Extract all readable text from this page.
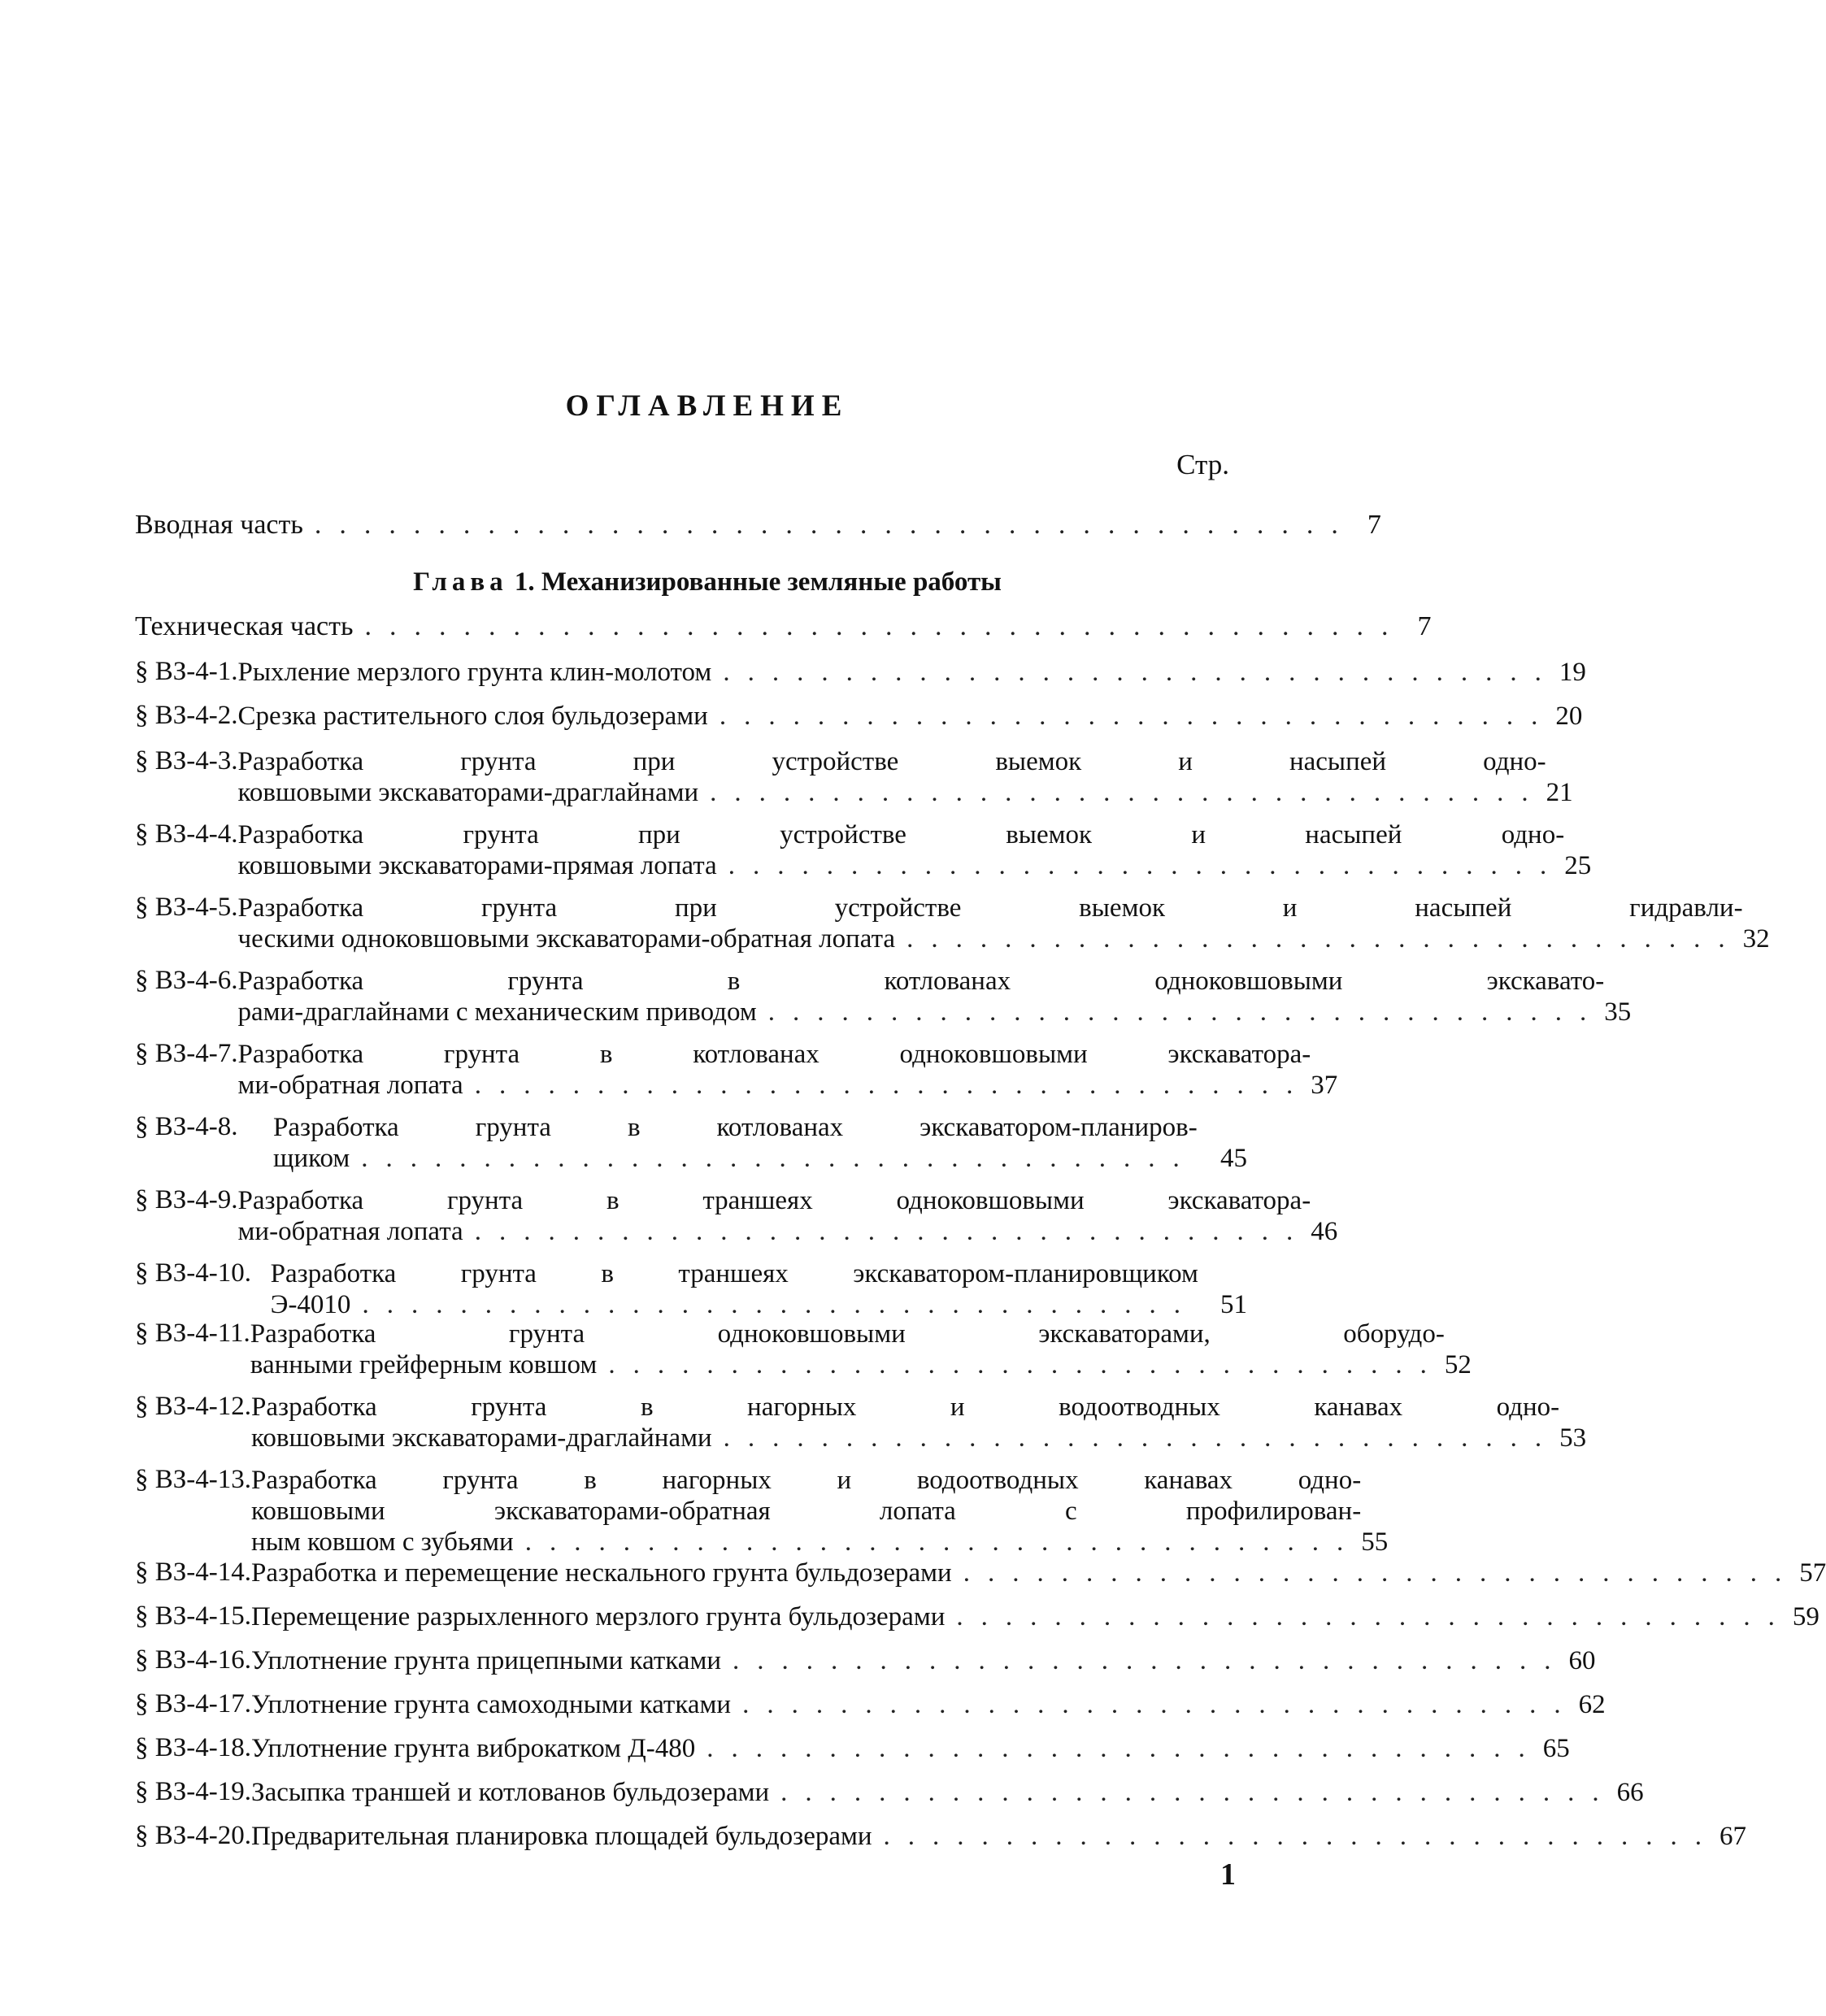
ОГЛАВЛЕНИЕ
Стр.
Вводная часть .......................................... 7
Глава 1. Механизированные земляные работы
Техническая часть .......................................... 7
§ ВЗ-4-1. Рыхление мерзлого грунта клин-молотом .................................. 19
§ ВЗ-4-2. Срезка растительного слоя бульдозерами .................................. 20
§ ВЗ-4-3. Разработка грунта при устройстве выемок и насыпей одно-
ковшовыми экскаваторами-драглайнами .................................. 21
§ ВЗ-4-4. Разработка грунта при устройстве выемок и насыпей одно-
ковшовыми экскаваторами-прямая лопата .................................. 25
§ ВЗ-4-5. Разработка грунта при устройстве выемок и насыпей гидравли-
ческими одноковшовыми экскаваторами-обратная лопата .................................. 32
§ ВЗ-4-6. Разработка грунта в котлованах одноковшовыми экскавато-
рами-драглайнами с механическим приводом .................................. 35
§ ВЗ-4-7. Разработка грунта в котлованах одноковшовыми экскаватора-
ми-обратная лопата .................................. 37
§ ВЗ-4-8.	Разработка грунта в котлованах экскаватором-планиров-
щиком .................................. 45
§ ВЗ-4-9. Разработка грунта в траншеях одноковшовыми экскаватора-
ми-обратная лопата .................................. 46
§ ВЗ-4-10. Разработка грунта в траншеях экскаватором-планировщиком
Э-4010 .................................. 51
§ ВЗ-4-11. Разработка грунта одноковшовыми экскаваторами, оборудо-
ванными грейферным ковшом .................................. 52
§ ВЗ-4-12. Разработка грунта в нагорных и водоотводных канавах одно-
ковшовыми экскаваторами-драглайнами .................................. 53
§ ВЗ-4-13. Разработка грунта в нагорных и водоотводных канавах одно-
ковшовыми экскаваторами-обратная лопата с профилирован-
ным ковшом с зубьями .................................. 55
§ ВЗ-4-14. Разработка и перемещение нескального грунта бульдозерами .................................. 57
§ ВЗ-4-15. Перемещение разрыхленного мерзлого грунта бульдозерами .................................. 59
§ ВЗ-4-16. Уплотнение грунта прицепными катками .................................. 60
§ ВЗ-4-17. Уплотнение грунта самоходными катками .................................. 62
§ ВЗ-4-18. Уплотнение грунта виброкатком Д-480 .................................. 65
§ ВЗ-4-19. Засыпка траншей и котлованов бульдозерами .................................. 66
§ ВЗ-4-20. Предварительная планировка площадей бульдозерами .................................. 67
1
